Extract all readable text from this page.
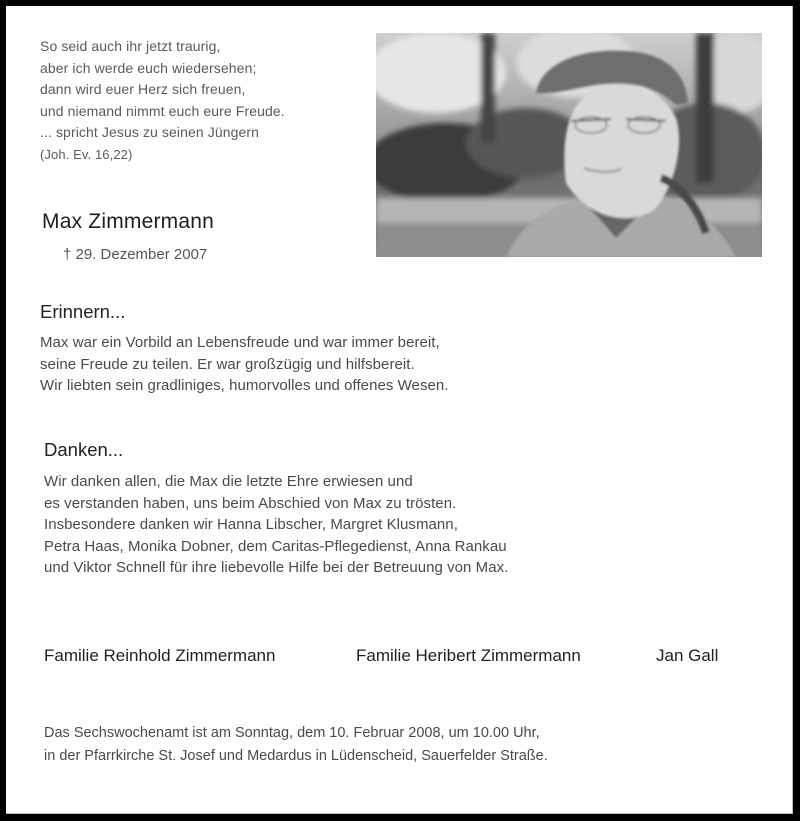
So seid auch ihr jetzt traurig,
aber ich werde euch wiedersehen;
dann wird euer Herz sich freuen,
und niemand nimmt euch eure Freude.
... spricht Jesus zu seinen Jüngern
(Joh. Ev. 16,22)
Max Zimmermann
† 29. Dezember 2007
Erinnern...
Max war ein Vorbild an Lebensfreude und war immer bereit,
seine Freude zu teilen. Er war großzügig und hilfsbereit.
Wir liebten sein gradliniges, humorvolles und offenes Wesen.
Danken...
Wir danken allen, die Max die letzte Ehre erwiesen und
es verstanden haben, uns beim Abschied von Max zu trösten.
Insbesondere danken wir Hanna Libscher, Margret Klusmann,
Petra Haas, Monika Dobner, dem Caritas-Pflegedienst, Anna Rankau
und Viktor Schnell für ihre liebevolle Hilfe bei der Betreuung von Max.
Familie Reinhold Zimmermann	Familie Heribert Zimmermann	Jan Gall
Das Sechswochenamt ist am Sonntag, dem 10. Februar 2008, um 10.00 Uhr,
in der Pfarrkirche St. Josef und Medardus in Lüdenscheid, Sauerfelder Straße.
